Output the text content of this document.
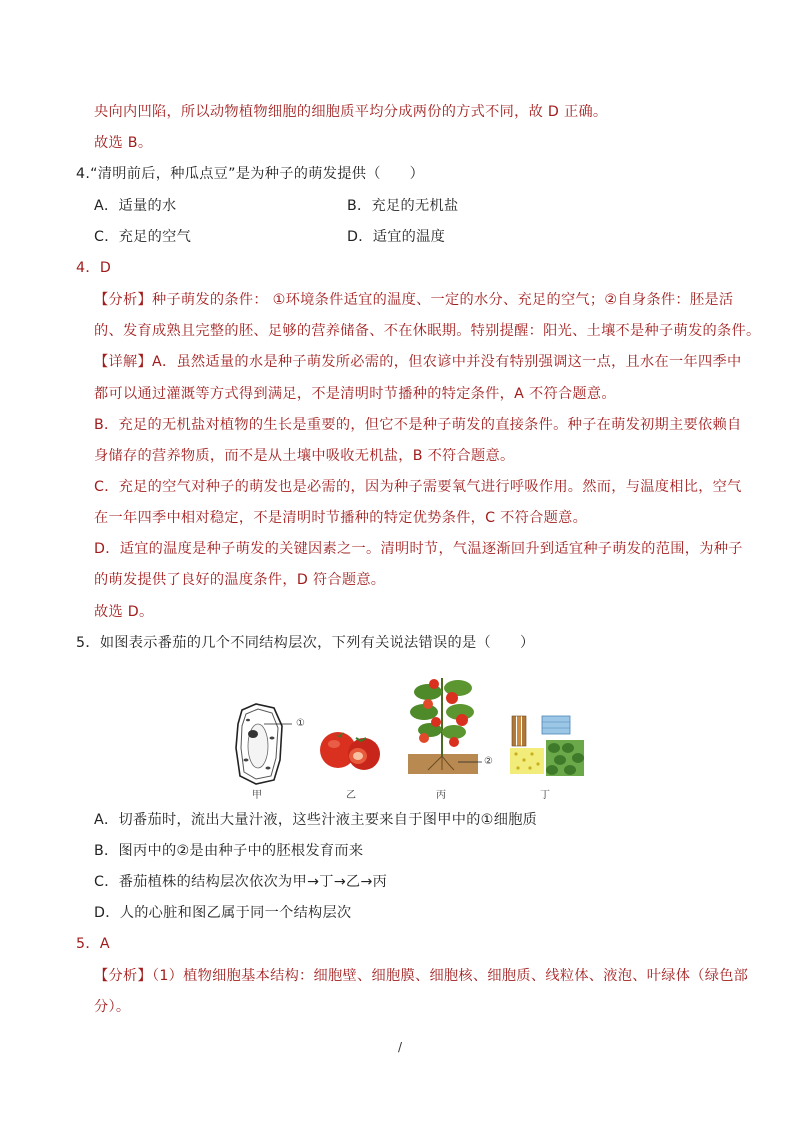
央向内凹陷，所以动物植物细胞的细胞质平均分成两份的方式不同，故 D 正确。
故选 B。
4.“清明前后，种瓜点豆”是为种子的萌发提供（　　）
A．适量的水	B．充足的无机盐
C．充足的空气	D．适宜的温度
4．D
【分析】种子萌发的条件： ①环境条件适宜的温度、一定的水分、充足的空气；②自身条件：胚是活
的、发育成熟且完整的胚、足够的营养储备、不在休眠期。特别提醒：阳光、土壤不是种子萌发的条件。
【详解】A．虽然适量的水是种子萌发所必需的，但农谚中并没有特别强调这一点，且水在一年四季中
都可以通过灌溉等方式得到满足，不是清明时节播种的特定条件，A 不符合题意。
B．充足的无机盐对植物的生长是重要的，但它不是种子萌发的直接条件。种子在萌发初期主要依赖自
身储存的营养物质，而不是从土壤中吸收无机盐，B 不符合题意。
C．充足的空气对种子的萌发也是必需的，因为种子需要氧气进行呼吸作用。然而，与温度相比，空气
在一年四季中相对稳定，不是清明时节播种的特定优势条件，C 不符合题意。
D．适宜的温度是种子萌发的关键因素之一。清明时节，气温逐渐回升到适宜种子萌发的范围，为种子
的萌发提供了良好的温度条件，D 符合题意。
故选 D。
5．如图表示番茄的几个不同结构层次，下列有关说法错误的是（　　）
①
②
甲	乙	丙	丁
A．切番茄时，流出大量汁液，这些汁液主要来自于图甲中的①细胞质
B．图丙中的②是由种子中的胚根发育而来
C．番茄植株的结构层次依次为甲→丁→乙→丙
D．人的心脏和图乙属于同一个结构层次
5．A
【分析】（1）植物细胞基本结构：细胞壁、细胞膜、细胞核、细胞质、线粒体、液泡、叶绿体（绿色部
分）。
/
